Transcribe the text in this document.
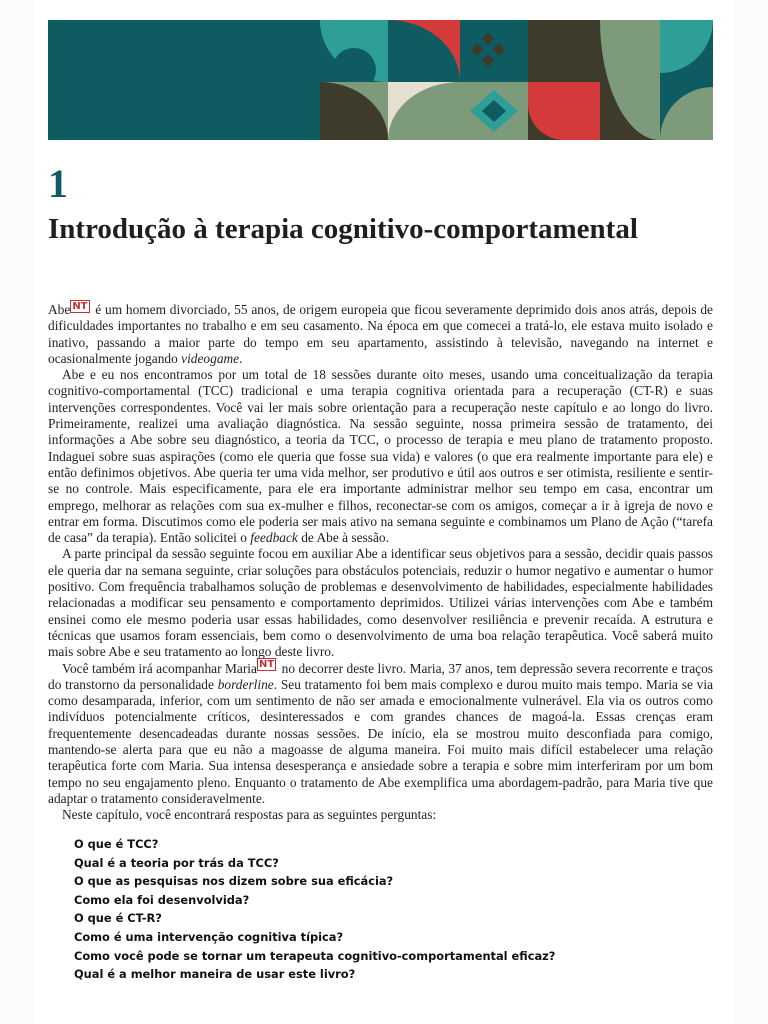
1
Introdução à terapia cognitivo-comportamental

Abe $^{NT}$ é um homem divorciado, 55 anos, de origem europeia que ficou severamente deprimido dois anos atrás, depois de dificuldades importantes no trabalho e em seu casamento. Na época em que comecei a tratá-lo, ele estava muito isolado e inativo, passando a maior parte do tempo em seu apartamento, assistindo à televisão, navegando na internet e ocasionalmente jogando videogame.

Abe e eu nos encontramos por um total de 18 sessões durante oito meses, usando uma conceitualização da terapia cognitivo-comportamental (TCC) tradicional e uma terapia cognitiva orientada para a recuperação (CT-R) e suas intervenções correspondentes. Você vai ler mais sobre orientação para a recuperação neste capítulo e ao longo do livro. Primeiramente, realizei uma avaliação diagnóstica. Na sessão seguinte, nossa primeira sessão de tratamento, dei informações a Abe sobre seu diagnóstico, a teoria da TCC, o processo de terapia e meu plano de tratamento proposto. Indaguei sobre suas aspirações (como ele queria que fosse sua vida) e valores (o que era realmente importante para ele) e então definimos objetivos. Abe queria ter uma vida melhor, ser produtivo e útil aos outros e ser otimista, resiliente e sentir-se no controle. Mais especificamente, para ele era importante administrar melhor seu tempo em casa, encontrar um emprego, melhorar as relações com sua ex-mulher e filhos, reconectar-se com os amigos, começar a ir à igreja de novo e entrar em forma. Discutimos como ele poderia ser mais ativo na semana seguinte e combinamos um Plano de Ação (“tarefa de casa” da terapia). Então solicitei o feedback de Abe à sessão.

A parte principal da sessão seguinte focou em auxiliar Abe a identificar seus objetivos para a sessão, decidir quais passos ele queria dar na semana seguinte, criar soluções para obstáculos potenciais, reduzir o humor negativo e aumentar o humor positivo. Com frequência trabalhamos solução de problemas e desenvolvimento de habilidades, especialmente habilidades relacionadas a modificar seu pensamento e comportamento deprimidos. Utilizei várias intervenções com Abe e também ensinei como ele mesmo poderia usar essas habilidades, como desenvolver resiliência e prevenir recaída. A estrutura e técnicas que usamos foram essenciais, bem como o desenvolvimento de uma boa relação terapêutica. Você saberá muito mais sobre Abe e seu tratamento ao longo deste livro.

Você também irá acompanhar Maria $^{NT}$ no decorrer deste livro. Maria, 37 anos, tem depressão severa recorrente e traços do transtorno da personalidade borderline. Seu tratamento foi bem mais complexo e durou muito mais tempo. Maria se via como desamparada, inferior, com um sentimento de não ser amada e emocionalmente vulnerável. Ela via os outros como indivíduos potencialmente críticos, desinteressados e com grandes chances de magoá-la. Essas crenças eram frequentemente desencadeadas durante nossas sessões. De início, ela se mostrou muito desconfiada para comigo, mantendo-se alerta para que eu não a magoasse de alguma maneira. Foi muito mais difícil estabelecer uma relação terapêutica forte com Maria. Sua intensa desesperança e ansiedade sobre a terapia e sobre mim interferiram por um bom tempo no seu engajamento pleno. Enquanto o tratamento de Abe exemplifica uma abordagem-padrão, para Maria tive que adaptar o tratamento consideravelmente.

Neste capítulo, você encontrará respostas para as seguintes perguntas:

O que é TCC?
Qual é a teoria por trás da TCC?
O que as pesquisas nos dizem sobre sua eficácia?
Como ela foi desenvolvida?
O que é CT-R?
Como é uma intervenção cognitiva típica?
Como você pode se tornar um terapeuta cognitivo-comportamental eficaz?
Qual é a melhor maneira de usar este livro?
